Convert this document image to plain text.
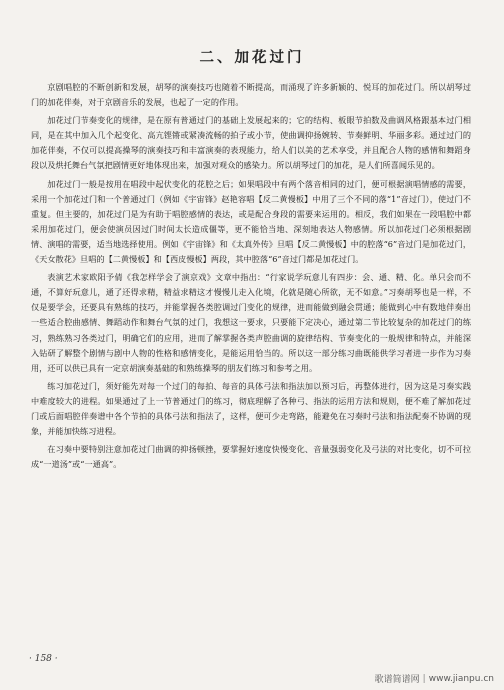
二、加花过门

京剧唱腔的不断创新和发展，胡琴的演奏技巧也随着不断提高，而涌现了许多新颖的、悦耳的加花过门。所以胡琴过门的加花伴奏，对于京剧音乐的发展，也起了一定的作用。

加花过门节奏变化的规律，是在原有普通过门的基础上发展起来的；它的结构、板眼节拍数及曲调风格跟基本过门相同，是在其中加入几个起变化、高亢铿锵或紧凑流畅的拍子或小节，使曲调抑扬婉转、节奏鲜明、华丽多彩。通过过门的加花伴奏，不仅可以提高操琴的演奏技巧和丰富演奏的表现能力，给人们以美的艺术享受，并且配合人物的感情和舞蹈身段以及烘托舞台气氛把剧情更好地体现出来，加强对观众的感染力。所以胡琴过门的加花，是人们所喜闻乐见的。

加花过门一般是按用在唱段中起伏变化的花腔之后；如果唱段中有两个落音相同的过门，便可根据演唱情感的需要，采用一个加花过门和一个普通过门（例如《宇宙锋》赵艳容唱【反二黄慢板】中用了三个不同的落“1”音过门），使过门不重复。但主要的，加花过门是为有助于唱腔感情的表达，或是配合身段的需要来运用的。相反，我们如果在一段唱腔中都采用加花过门，便会使演员因过门时间太长造成僵等，更不能恰当地、深刻地表达人物感情。所以加花过门必须根据剧情、演唱的需要，适当地选择使用。例如《宇宙锋》和《太真外传》旦唱【反二黄慢板】中的腔落“6”音过门是加花过门，《天女散花》旦唱的【二黄慢板】和【西皮慢板】两段，其中腔落“6”音过门都是加花过门。

表演艺术家欧阳予倩《我怎样学会了演京戏》文章中指出：“行家说学玩意儿有四步：会、通、精、化。单只会而不通，不算好玩意儿，通了还得求精，精益求精这才慢慢儿走入化境，化就是随心所欲，无不如意。”习奏胡琴也是一样，不仅是要学会，还要具有熟练的技巧，并能掌握各类腔调过门变化的规律，进而能做到融会贯通；能做到心中有数地伴奏出一些适合腔曲感情、舞蹈动作和舞台气氛的过门，我想这一要求，只要能下定决心，通过第二节比较复杂的加花过门的练习，熟练熟习各类过门，明确它们的应用，进而了解掌握各类声腔曲调的旋律结构、节奏变化的一般规律和特点，并能深入钻研了解整个剧情与剧中人物的性格和感情变化，是能运用恰当的。所以这一部分练习曲既能供学习者进一步作为习奏用，还可以供已具有一定京胡演奏基础的和熟练操琴的朋友们练习和参考之用。

练习加花过门，须好能先对每一个过门的每拍、每音的具体弓法和指法加以预习后，再整体进行，因为这是习奏实践中难度较大的进程。如果通过了上一节普通过门的练习，彻底理解了各种弓、指法的运用方法和规则，便不难了解加花过门或后面唱腔伴奏谱中各个节拍的具体弓法和指法了，这样，便可少走弯路，能避免在习奏时弓法和指法配奏不协调的现象，并能加快练习进程。

在习奏中要特别注意加花过门曲调的抑扬顿挫，要掌握好速度快慢变化、音量强弱变化及弓法的对比变化，切不可拉成“一道汤”或“一通高”。

· 158 ·
歌谱简谱网 | www.jianpu.cn
